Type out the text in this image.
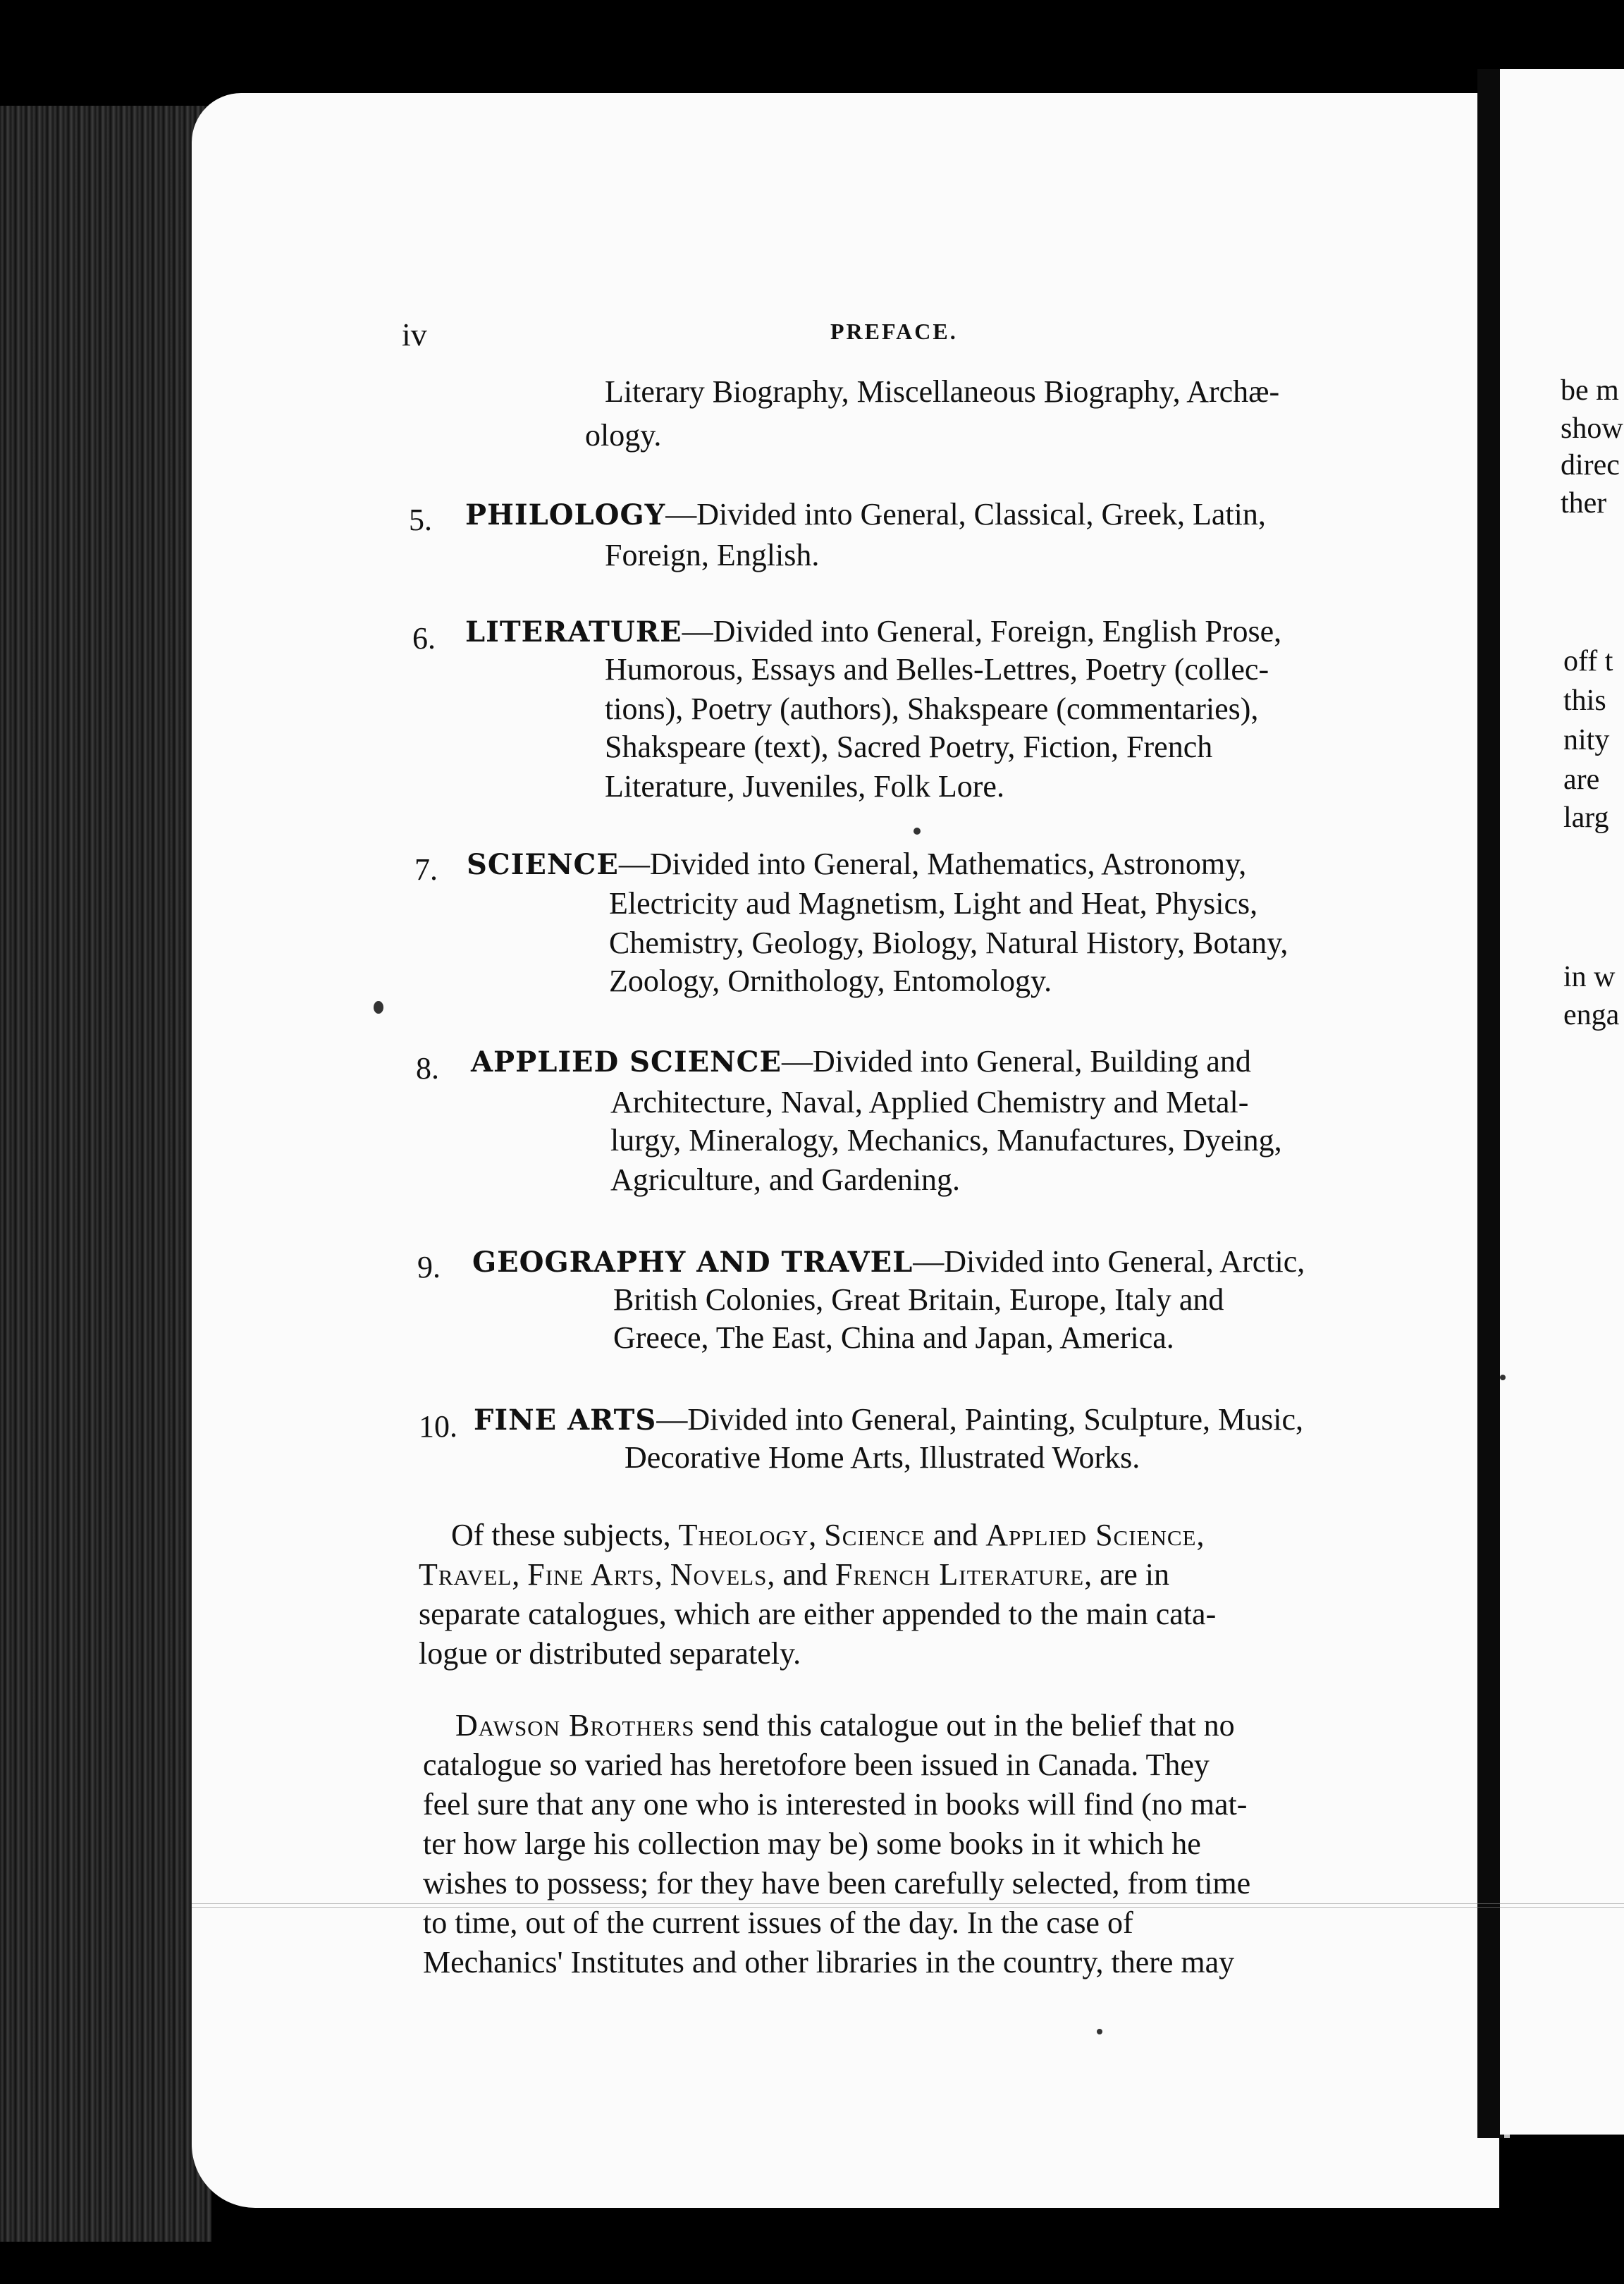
iv	PREFACE.
Literary Biography, Miscellaneous Biography, Archæ-
ology.
5. PHILOLOGY—Divided into General, Classical, Greek, Latin,
Foreign, English.
6. LITERATURE—Divided into General, Foreign, English Prose,
Humorous, Essays and Belles-Lettres, Poetry (collec-
tions), Poetry (authors), Shakspeare (commentaries),
Shakspeare (text), Sacred Poetry, Fiction, French
Literature, Juveniles, Folk Lore.
7. SCIENCE—Divided into General, Mathematics, Astronomy,
Electricity aud Magnetism, Light and Heat, Physics,
Chemistry, Geology, Biology, Natural History, Botany,
Zoology, Ornithology, Entomology.
8. APPLIED SCIENCE—Divided into General, Building and
Architecture, Naval, Applied Chemistry and Metal-
lurgy, Mineralogy, Mechanics, Manufactures, Dyeing,
Agriculture, and Gardening.
9. GEOGRAPHY AND TRAVEL—Divided into General, Arctic,
British Colonies, Great Britain, Europe, Italy and
Greece, The East, China and Japan, America.
10. FINE ARTS—Divided into General, Painting, Sculpture, Music,
Decorative Home Arts, Illustrated Works.
Of these subjects, Theology, Science and Applied Science,
Travel, Fine Arts, Novels, and French Literature, are in
separate catalogues, which are either appended to the main cata-
logue or distributed separately.
Dawson Brothers send this catalogue out in the belief that no
catalogue so varied has heretofore been issued in Canada. They
feel sure that any one who is interested in books will find (no mat-
ter how large his collection may be) some books in it which he
wishes to possess; for they have been carefully selected, from time
to time, out of the current issues of the day. In the case of
Mechanics' Institutes and other libraries in the country, there may
be m
show
direc
ther
off t
this
nity
are
larg
in w
enga
